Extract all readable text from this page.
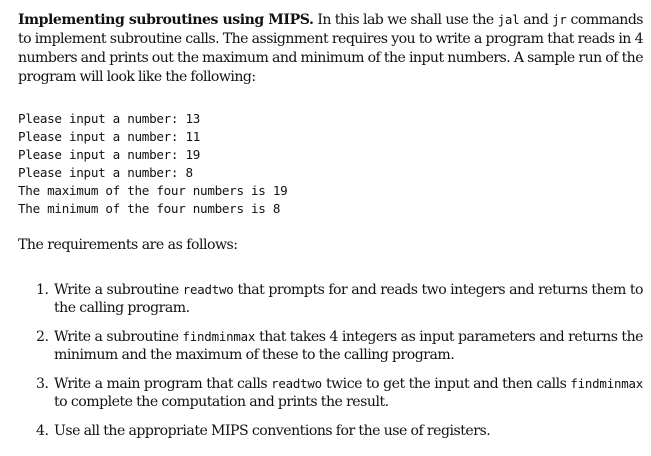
Implementing subroutines using MIPS. In this lab we shall use the jal and jr commands to implement subroutine calls. The assignment requires you to write a program that reads in 4 numbers and prints out the maximum and minimum of the input numbers. A sample run of the program will look like the following:

Please input a number: 13
Please input a number: 11
Please input a number: 19
Please input a number: 8
The maximum of the four numbers is 19
The minimum of the four numbers is 8

The requirements are as follows:

1. Write a subroutine readtwo that prompts for and reads two integers and returns them to the calling program.
2. Write a subroutine findminmax that takes 4 integers as input parameters and returns the minimum and the maximum of these to the calling program.
3. Write a main program that calls readtwo twice to get the input and then calls findminmax to complete the computation and prints the result.
4. Use all the appropriate MIPS conventions for the use of registers.
